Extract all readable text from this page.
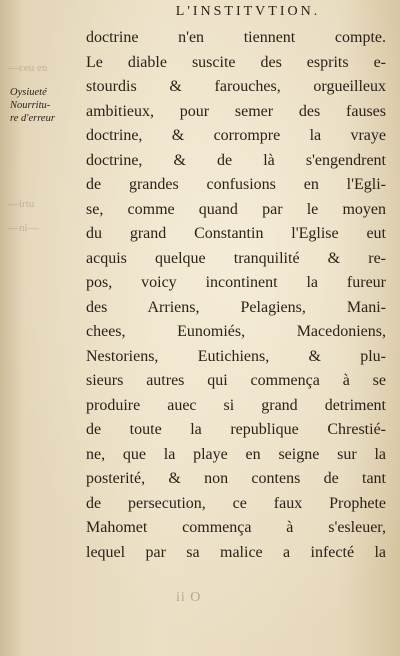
L'INSTITVTION.
Oysiueté
Nourritu-
re d'erreur
—ceu en
—irtu
—ni—
doctrine n'en tiennent compte.
Le diable suscite des esprits e-
stourdis & farouches, orgueilleux
ambitieux, pour semer des fauses
doctrine, & corrompre la vraye
doctrine, & de là s'engendrent
de grandes confusions en l'Egli-
se, comme quand par le moyen
du grand Constantin l'Eglise eut
acquis quelque tranquilité & re-
pos, voicy incontinent la fureur
des Arriens, Pelagiens, Mani-
chees, Eunomiés, Macedoniens,
Nestoriens, Eutichiens, & plu-
sieurs autres qui commença à se
produire auec si grand detriment
de toute la republique Chrestié-
ne, que la playe en seigne sur la
posterité, & non contens de tant
de persecution, ce faux Prophete
Mahomet commença à s'esleuer,
lequel par sa malice a infecté la
ii O
